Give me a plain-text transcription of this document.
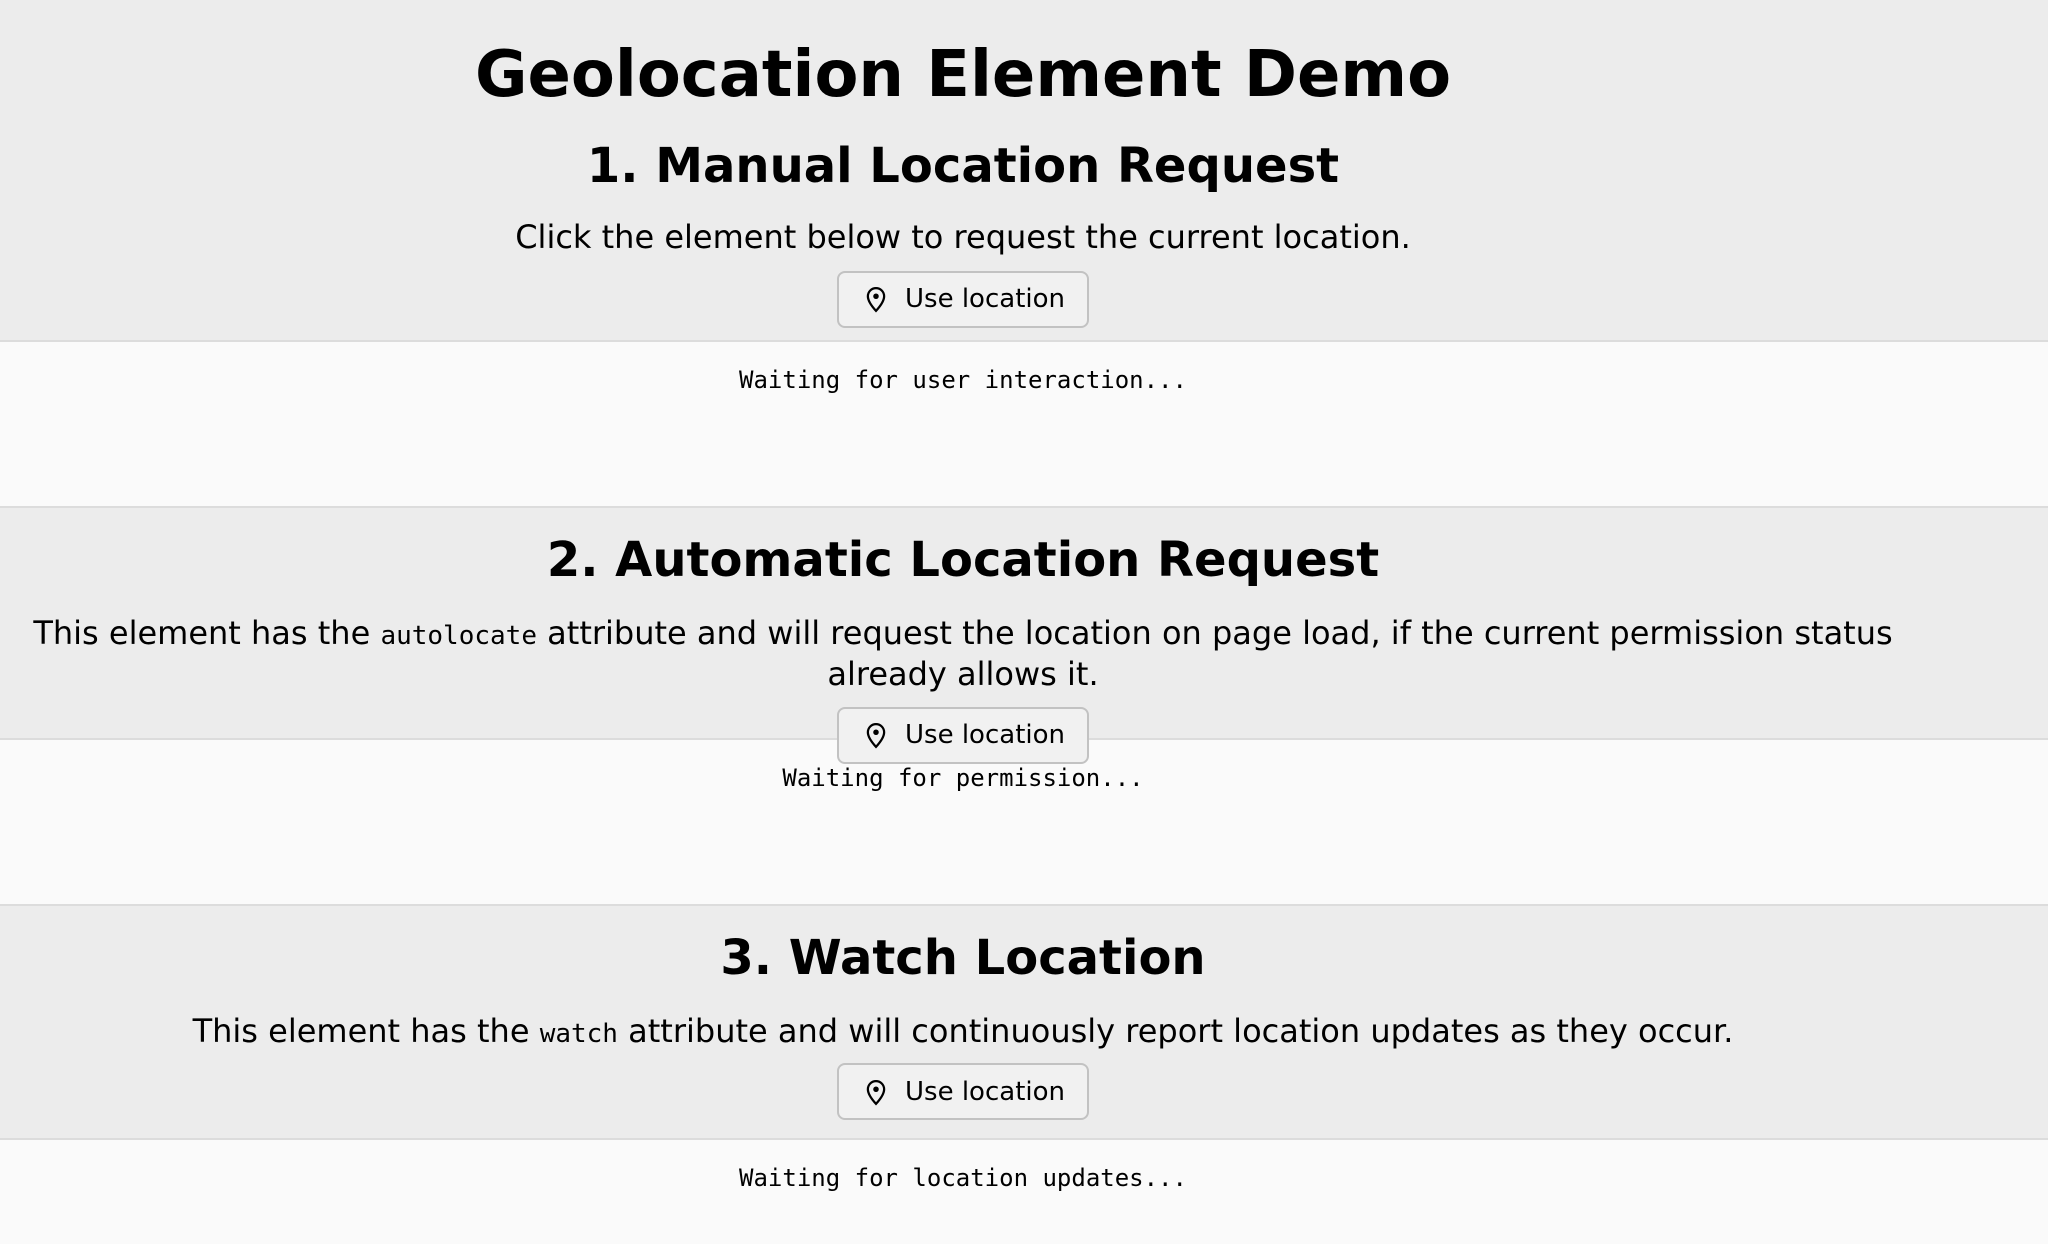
Geolocation Element Demo
1. Manual Location Request

Click the element below to request the current location.

Use location
Waiting for user interaction...
2. Automatic Location Request

This element has the autolocate attribute and will request the location on page load, if the current permission status already allows it.

Use location
Waiting for permission...
3. Watch Location

This element has the watch attribute and will continuously report location updates as they occur.

Use location
Waiting for location updates...
